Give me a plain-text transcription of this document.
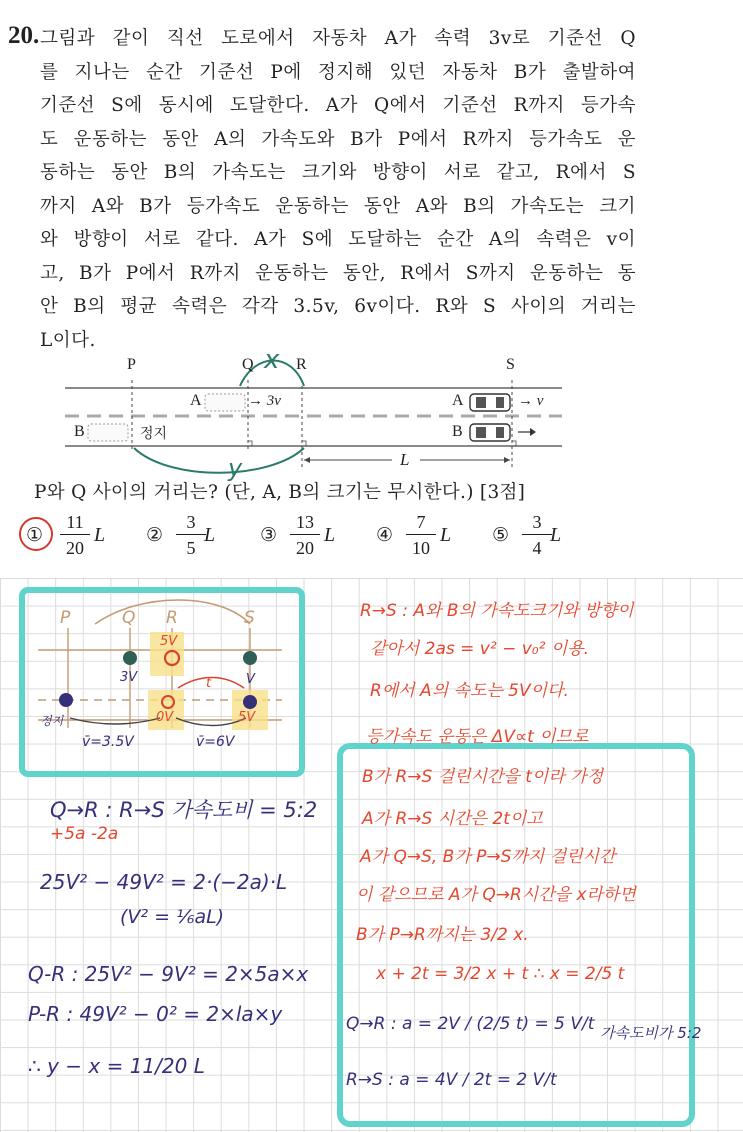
20. 그림과 같이 직선 도로에서 자동차 A가 속력 3v로 기준선 Q

를 지나는 순간 기준선 P에 정지해 있던 자동차 B가 출발하여

기준선 S에 동시에 도달한다. A가 Q에서 기준선 R까지 등가속

도 운동하는 동안 A의 가속도와 B가 P에서 R까지 등가속도 운

동하는 동안 B의 가속도는 크기와 방향이 서로 같고, R에서 S

까지 A와 B가 등가속도 운동하는 동안 A와 B의 가속도는 크기

와 방향이 서로 같다. A가 S에 도달하는 순간 A의 속력은 v이

고, B가 P에서 R까지 운동하는 동안, R에서 S까지 운동하는 동

안 B의 평균 속력은 각각 3.5v, 6v이다. R와 S 사이의 거리는

L이다.

P	Q	R	S
A	→ 3v
B	정지
A	→ v
B
L
x
y
P와 Q 사이의 거리는? (단, A, B의 크기는 무시한다.) [3점]
① $\frac{11}{20}$ L ② $\frac{3}{5}$
L ③ $\frac{13}{20}$ L ④ $\frac{7}{10}$ L ⑤ $\frac{3}{4}$
L
P	Q R	S
3V
5V
V
정지	0V	5V
t
v̄=3.5V	v̄=6V
Q→R : R→S 가속도비 = 5:2
+5a -2a
25V² − 49V² = 2·(−2a)·L
(V² = ⅙aL)
Q-R : 25V² − 9V² = 2×5a×x
P-R : 49V² − 0² = 2×la×y
∴ y − x = 11/20 L
R→S : A와 B의 가속도크기와 방향이
같아서 2as = v² − v₀² 이용.
R에서 A의 속도는 5V이다.
등가속도 운동은 ΔV∝t 이므로
B가 R→S 걸린시간을 t이라 가정
A가 R→S 시간은 2t이고
A가 Q→S, B가 P→S까지 걸린시간
이 같으므로 A가 Q→R시간을 x라하면
B가 P→R까지는 3/2 x.
x + 2t = 3/2 x + t ∴ x = 2/5 t
Q→R : a = 2V / (2/5 t) = 5 V/t
R→S : a = 4V / 2t = 2 V/t
가속도비가 5:2
